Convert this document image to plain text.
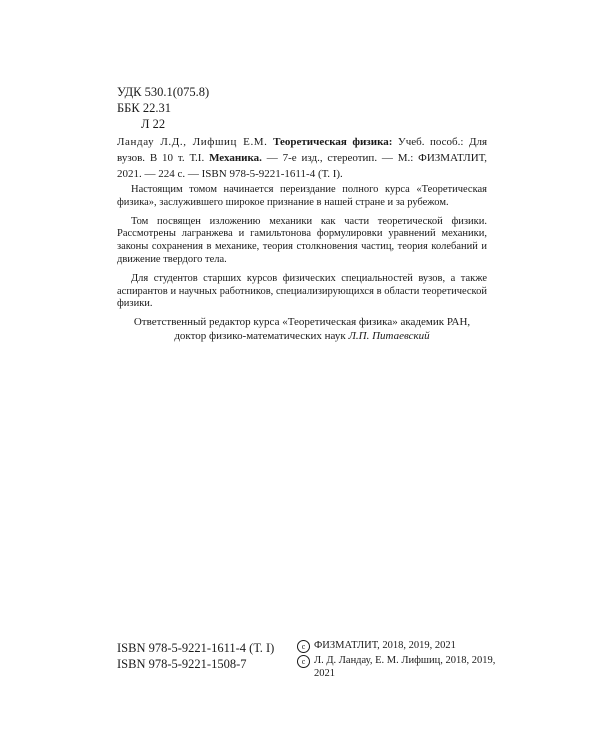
УДК 530.1(075.8)
ББК 22.31
Л 22
Ландау Л.Д., Лифшиц Е.М. Теоретическая физика: Учеб. пособ.: Для вузов. В 10 т. Т.I. Механика. — 7-е изд., стереотип. — М.: ФИЗМАТЛИТ, 2021. — 224 с. — ISBN 978-5-9221-1611-4 (Т. I).

Настоящим томом начинается переиздание полного курса «Теоретическая физика», заслужившего широкое признание в нашей стране и за рубежом.

Том посвящен изложению механики как части теоретической физики. Рассмотрены лагранжева и гамильтонова формулировки уравнений механики, законы сохранения в механике, теория столкновения частиц, теория колебаний и движение твердого тела.

Для студентов старших курсов физических специальностей вузов, а также аспирантов и научных работников, специализирующихся в области теоретической физики.

Ответственный редактор курса «Теоретическая физика» академик РАН,
доктор физико-математических наук Л.П. Питаевский
ISBN 978-5-9221-1611-4 (Т. I)
ISBN 978-5-9221-1508-7
c ФИЗМАТЛИТ, 2018, 2019, 2021
c Л. Д. Ландау, Е. М. Лифшиц, 2018, 2019, 2021
